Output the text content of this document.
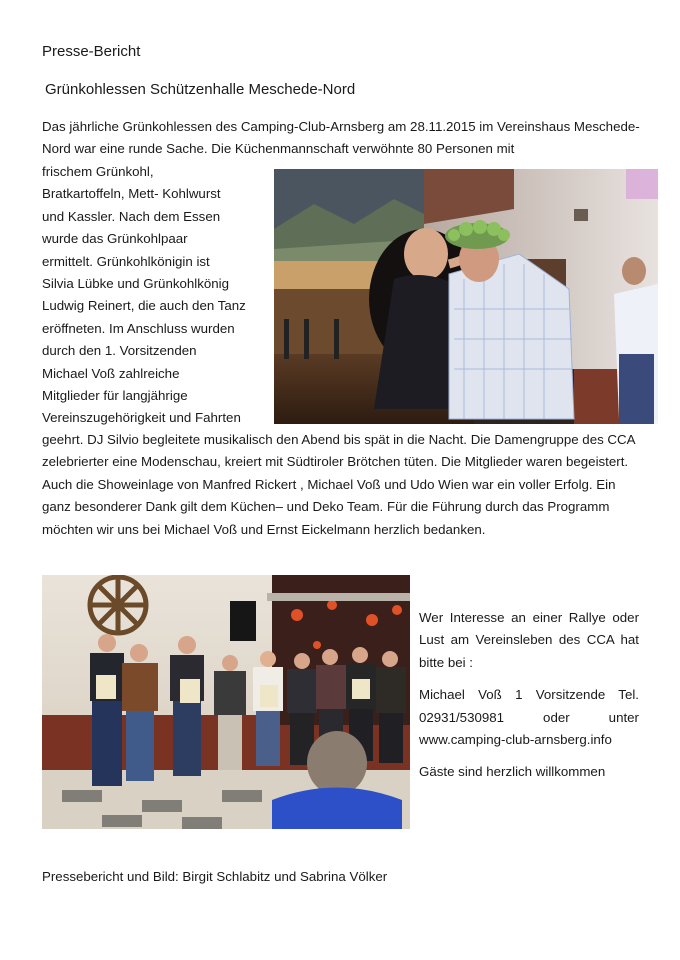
Presse-Bericht
Grünkohlessen Schützenhalle Meschede-Nord
Das jährliche Grünkohlessen des Camping-Club-Arnsberg am 28.11.2015 im Vereinshaus Meschede-Nord war eine runde Sache. Die Küchenmannschaft verwöhnte 80 Personen mit
frischem Grünkohl,
Bratkartoffeln, Mett- Kohlwurst
und Kassler. Nach dem Essen
wurde das Grünkohlpaar
ermittelt. Grünkohlkönigin ist
Silvia Lübke und Grünkohlkönig
Ludwig Reinert, die auch den Tanz
eröffneten. Im Anschluss wurden
durch den 1. Vorsitzenden
Michael Voß zahlreiche
Mitglieder für langjährige
Vereinszugehörigkeit und Fahrten
geehrt. DJ Silvio begleitete musikalisch den Abend bis spät in die Nacht. Die Damengruppe des CCA zelebrierter eine Modenschau, kreiert mit Südtiroler Brötchen tüten. Die Mitglieder waren begeistert. Auch die Showeinlage von Manfred Rickert , Michael Voß und Udo Wien war ein voller Erfolg. Ein ganz besonderer Dank gilt dem Küchen– und Deko Team. Für die Führung durch das Programm möchten wir uns bei Michael Voß und Ernst Eickelmann herzlich bedanken.

Wer Interesse an einer Rallye oder Lust am Vereinsleben des CCA hat bitte bei :

Michael Voß 1 Vorsitzende Tel. 02931/530981 oder unter www.camping-club-arnsberg.info

Gäste sind herzlich willkommen

Pressebericht und Bild: Birgit Schlabitz und Sabrina Völker
